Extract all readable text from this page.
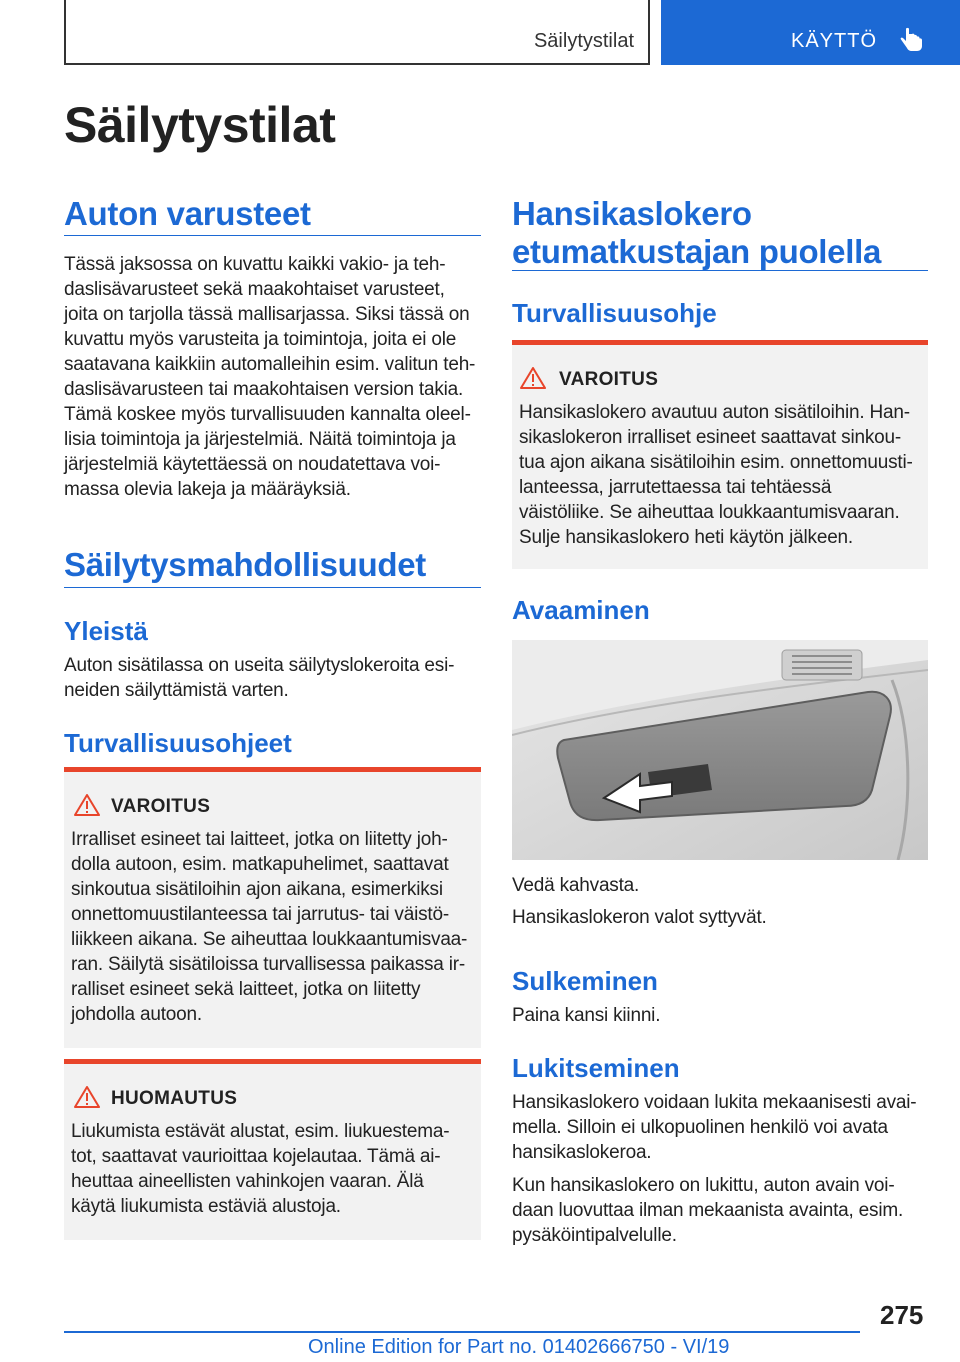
Säilytystilat	KÄYTTÖ
Säilytystilat
Auton varusteet
Tässä jaksossa on kuvattu kaikki vakio- ja teh-
daslisävarusteet sekä maakohtaiset varusteet,
joita on tarjolla tässä mallisarjassa. Siksi tässä on
kuvattu myös varusteita ja toimintoja, joita ei ole
saatavana kaikkiin automalleihin esim. valitun teh-
daslisävarusteen tai maakohtaisen version takia.
Tämä koskee myös turvallisuuden kannalta oleel-
lisia toimintoja ja järjestelmiä. Näitä toimintoja ja
järjestelmiä käytettäessä on noudatettava voi-
massa olevia lakeja ja määräyksiä.
Säilytysmahdollisuudet
Yleistä
Auton sisätilassa on useita säilytyslokeroita esi-
neiden säilyttämistä varten.
Turvallisuusohjeet
VAROITUS
Irralliset esineet tai laitteet, jotka on liitetty joh-
dolla autoon, esim. matkapuhelimet, saattavat
sinkoutua sisätiloihin ajon aikana, esimerkiksi
onnettomuustilanteessa tai jarrutus- tai väistö-
liikkeen aikana. Se aiheuttaa loukkaantumisvaa-
ran. Säilytä sisätiloissa turvallisessa paikassa ir-
ralliset esineet sekä laitteet, jotka on liitetty
johdolla autoon.
HUOMAUTUS
Liukumista estävät alustat, esim. liukuestema-
tot, saattavat vaurioittaa kojelautaa. Tämä ai-
heuttaa aineellisten vahinkojen vaaran. Älä
käytä liukumista estäviä alustoja.
Hansikaslokero
etumatkustajan puolella
Turvallisuusohje
VAROITUS
Hansikaslokero avautuu auton sisätiloihin. Han-
sikaslokeron irralliset esineet saattavat sinkou-
tua ajon aikana sisätiloihin esim. onnettomuusti-
lanteessa, jarrutettaessa tai tehtäessä
väistöliike. Se aiheuttaa loukkaantumisvaaran.
Sulje hansikaslokero heti käytön jälkeen.
Avaaminen
Vedä kahvasta.
Hansikaslokeron valot syttyvät.
Sulkeminen
Paina kansi kiinni.
Lukitseminen
Hansikaslokero voidaan lukita mekaanisesti avai-
mella. Silloin ei ulkopuolinen henkilö voi avata
hansikaslokeroa.
Kun hansikaslokero on lukittu, auton avain voi-
daan luovuttaa ilman mekaanista avainta, esim.
pysäköintipalvelulle.
275
Online Edition for Part no. 01402666750 - VI/19
